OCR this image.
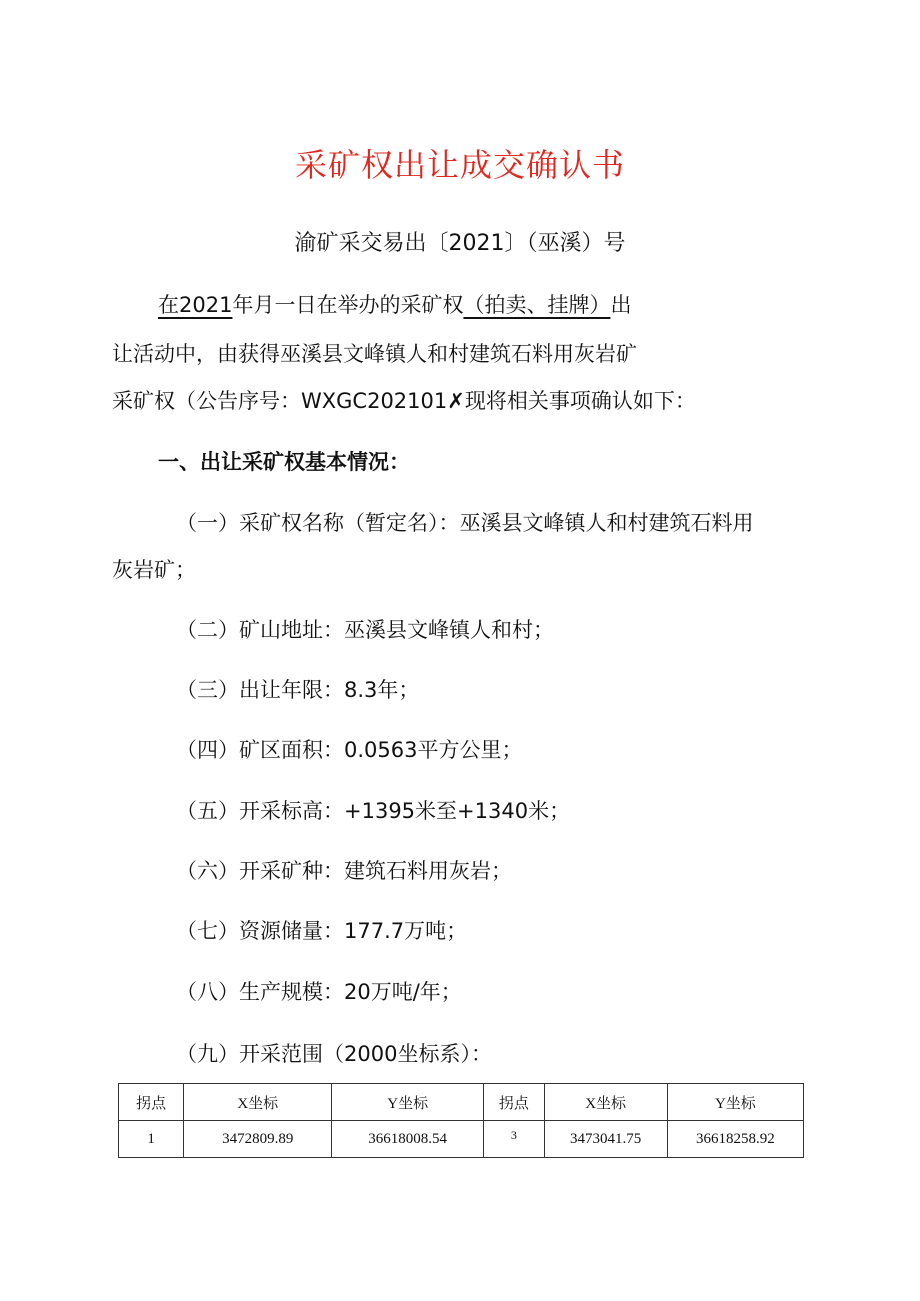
采矿权出让成交确认书
渝矿采交易出〔2021〕（巫溪）号
在2021年月一日在举办的采矿权（拍卖、挂牌）出
让活动中，由获得巫溪县文峰镇人和村建筑石料用灰岩矿
采矿权（公告序号：WXGC202101✗现将相关事项确认如下：
一、出让采矿权基本情况：
（一）采矿权名称（暂定名）：巫溪县文峰镇人和村建筑石料用
灰岩矿；
（二）矿山地址：巫溪县文峰镇人和村；
（三）出让年限：8.3年；
（四）矿区面积：0.0563平方公里；
（五）开采标高：+1395米至+1340米；
（六）开采矿种：建筑石料用灰岩；
（七）资源储量：177.7万吨；
（八）生产规模：20万吨/年；
（九）开采范围（2000坐标系）：
拐点	X坐标	Y坐标	拐点	X坐标	Y坐标
1	3472809.89	36618008.54	$^3$	3473041.75	36618258.92
